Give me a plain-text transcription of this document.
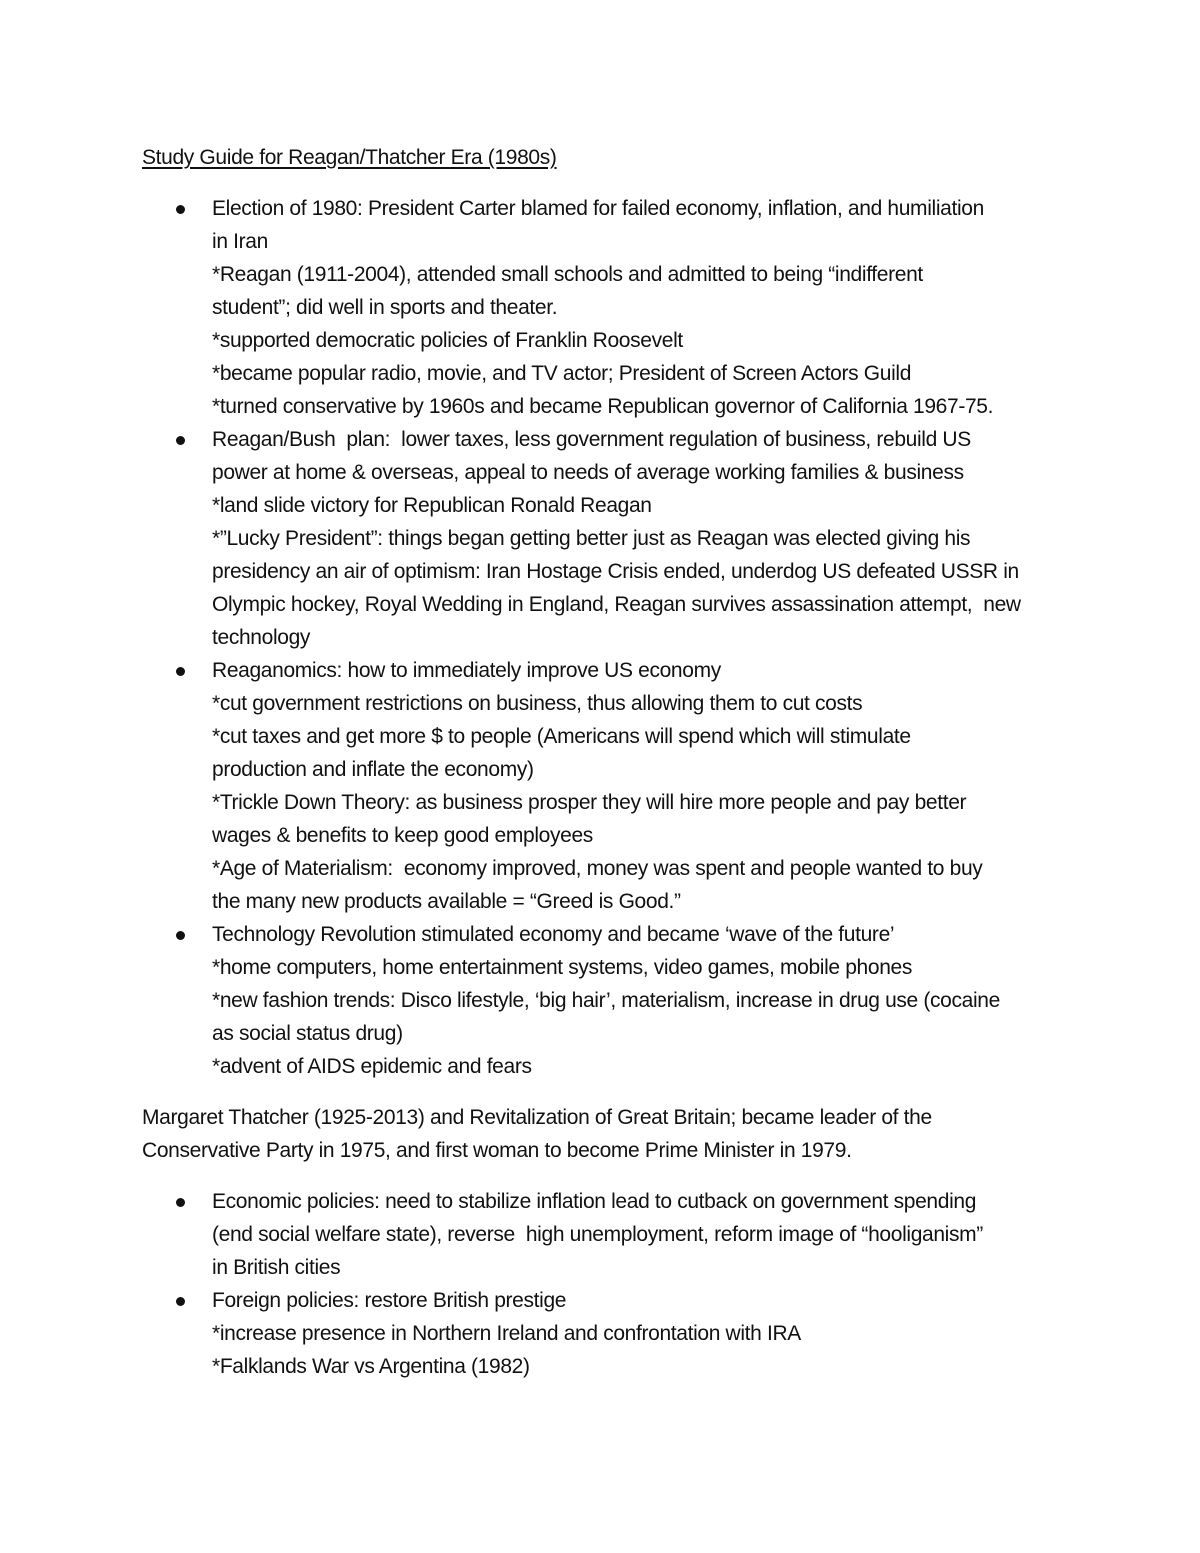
Study Guide for Reagan/Thatcher Era (1980s)
Election of 1980: President Carter blamed for failed economy, inflation, and humiliation
in Iran
*Reagan (1911-2004), attended small schools and admitted to being “indifferent
student”; did well in sports and theater.
*supported democratic policies of Franklin Roosevelt
*became popular radio, movie, and TV actor; President of Screen Actors Guild
*turned conservative by 1960s and became Republican governor of California 1967-75.
Reagan/Bush  plan:  lower taxes, less government regulation of business, rebuild US
power at home & overseas, appeal to needs of average working families & business
*land slide victory for Republican Ronald Reagan
*”Lucky President”: things began getting better just as Reagan was elected giving his
presidency an air of optimism: Iran Hostage Crisis ended, underdog US defeated USSR in
Olympic hockey, Royal Wedding in England, Reagan survives assassination attempt,  new
technology
Reaganomics: how to immediately improve US economy
*cut government restrictions on business, thus allowing them to cut costs
*cut taxes and get more $ to people (Americans will spend which will stimulate
production and inflate the economy)
*Trickle Down Theory: as business prosper they will hire more people and pay better
wages & benefits to keep good employees
*Age of Materialism:  economy improved, money was spent and people wanted to buy
the many new products available = “Greed is Good.”
Technology Revolution stimulated economy and became ‘wave of the future’
*home computers, home entertainment systems, video games, mobile phones
*new fashion trends: Disco lifestyle, ‘big hair’, materialism, increase in drug use (cocaine
as social status drug)
*advent of AIDS epidemic and fears
Margaret Thatcher (1925-2013) and Revitalization of Great Britain; became leader of the
Conservative Party in 1975, and first woman to become Prime Minister in 1979.
Economic policies: need to stabilize inflation lead to cutback on government spending
(end social welfare state), reverse  high unemployment, reform image of “hooliganism”
in British cities
Foreign policies: restore British prestige
*increase presence in Northern Ireland and confrontation with IRA
*Falklands War vs Argentina (1982)
